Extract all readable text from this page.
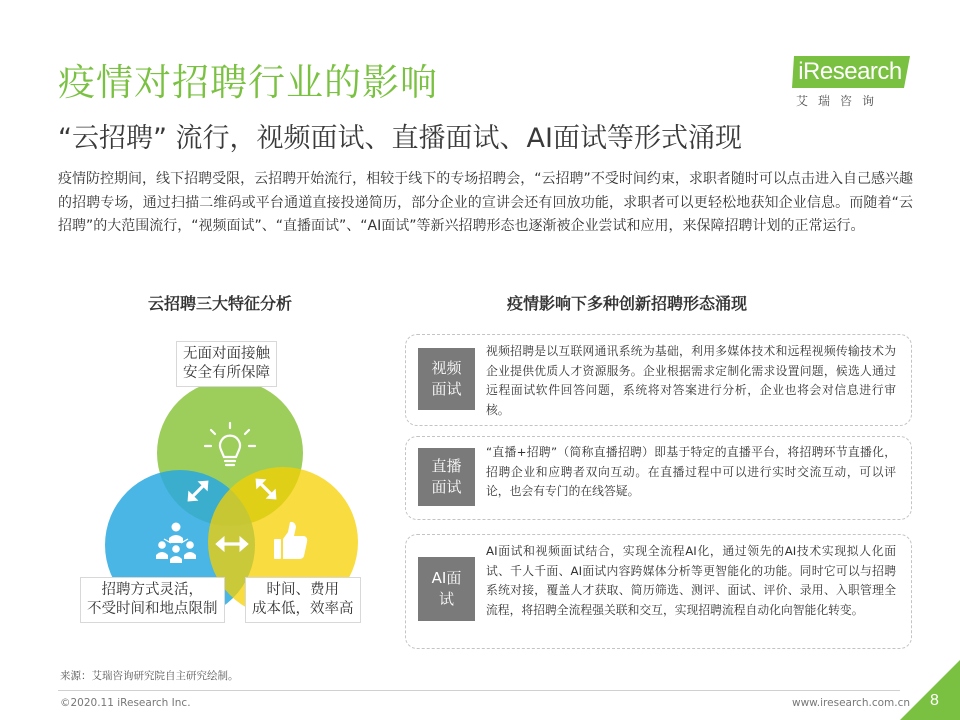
疫情对招聘行业的影响
“云招聘” 流行，视频面试、直播面试、AI面试等形式涌现
iResearch
艾瑞咨询

疫情防控期间，线下招聘受限，云招聘开始流行，相较于线下的专场招聘会，“云招聘”不受时间约束，求职者随时可以点击进入自己感兴趣的招聘专场，通过扫描二维码或平台通道直接投递简历，部分企业的宣讲会还有回放功能，求职者可以更轻松地获知企业信息。而随着“云招聘”的大范围流行，“视频面试”、“直播面试”、“AI面试”等新兴招聘形态也逐渐被企业尝试和应用，来保障招聘计划的正常运行。

云招聘三大特征分析	疫情影响下多种创新招聘形态涌现
无面对面接触
安全有所保障
招聘方式灵活，
不受时间和地点限制
时间、费用
成本低，效率高
视频
面试
视频招聘是以互联网通讯系统为基础，利用多媒体技术和远程视频传输技术为企业提供优质人才资源服务。企业根据需求定制化需求设置问题，候选人通过远程面试软件回答问题，系统将对答案进行分析，企业也将会对信息进行审核。
直播
面试
“直播+招聘”（简称直播招聘）即基于特定的直播平台，将招聘环节直播化，招聘企业和应聘者双向互动。在直播过程中可以进行实时交流互动，可以评论，也会有专门的在线答疑。
AI面
试
AI面试和视频面试结合，实现全流程AI化，通过领先的AI技术实现拟人化面试、千人千面、AI面试内容跨媒体分析等更智能化的功能。同时它可以与招聘系统对接，覆盖人才获取、简历筛选、测评、面试、评价、录用、入职管理全流程，将招聘全流程强关联和交互，实现招聘流程自动化向智能化转变。
来源：艾瑞咨询研究院自主研究绘制。
©2020.11 iResearch Inc.	www.iresearch.com.cn 8
